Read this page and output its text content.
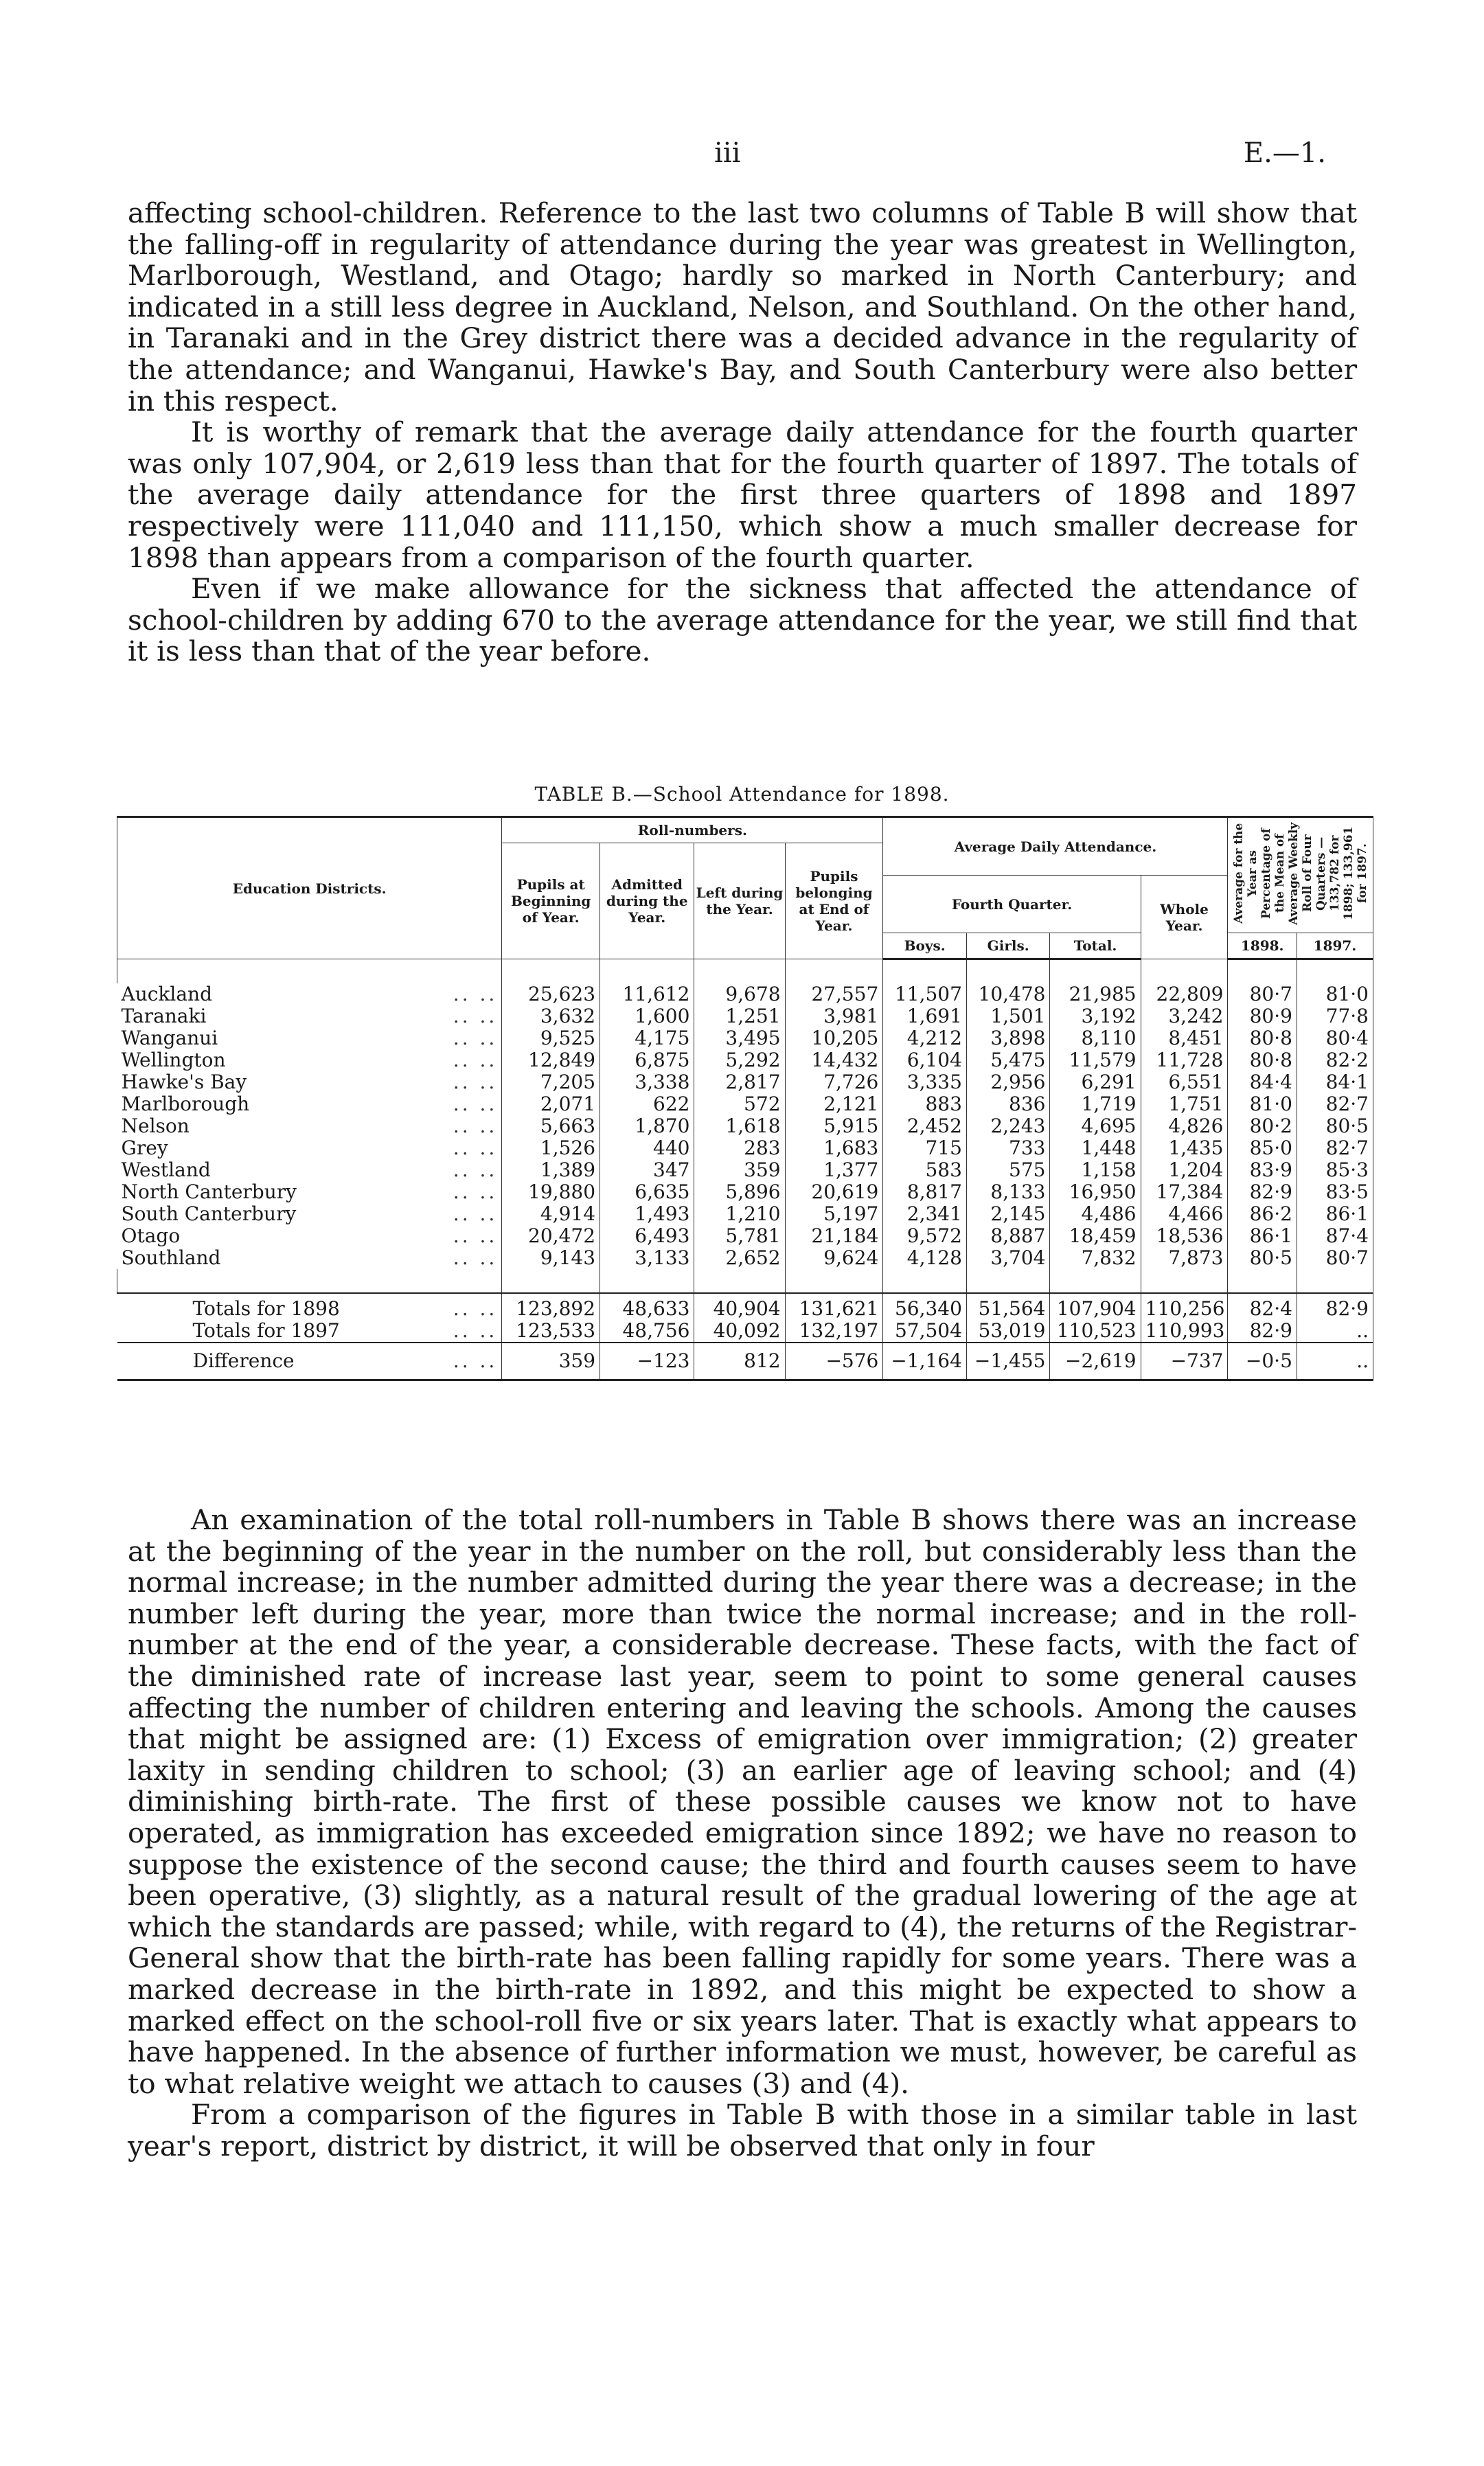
iii	E.—1.

affecting school-children. Reference to the last two columns of Table B will show that the falling-off in regularity of attendance during the year was greatest in Wellington, Marlborough, Westland, and Otago; hardly so marked in North Canterbury; and indicated in a still less degree in Auckland, Nelson, and Southland. On the other hand, in Taranaki and in the Grey district there was a decided advance in the regularity of the attendance; and Wanganui, Hawke's Bay, and South Canterbury were also better in this respect.

It is worthy of remark that the average daily attendance for the fourth quarter was only 107,904, or 2,619 less than that for the fourth quarter of 1897. The totals of the average daily attendance for the first three quarters of 1898 and 1897 respectively were 111,040 and 111,150, which show a much smaller decrease for 1898 than appears from a comparison of the fourth quarter.

Even if we make allowance for the sickness that affected the attendance of school-children by adding 670 to the average attendance for the year, we still find that it is less than that of the year before.

TABLE B.—School Attendance for 1898.
Education Districts.	Roll-numbers.				Average Daily Attendance.				Average for the Year as Percentage of the Mean of Average Weekly Roll of Four Quarters — 133,782 for 1898; 133,961 for 1897.	
	Pupils at Beginning of Year.	Admitted during the Year.	Left during the Year.	Pupils belonging at End of Year.						
					Fourth Quarter.			Whole Year.		
					Boys.	Girls.	Total.		1898.	1897.

Auckland .. ..	25,623	11,612	9,678	27,557	11,507	10,478	21,985	22,809	80·7	81·0
Taranaki .. ..	3,632	1,600	1,251	3,981	1,691	1,501	3,192	3,242	80·9	77·8
Wanganui .. ..	9,525	4,175	3,495	10,205	4,212	3,898	8,110	8,451	80·8	80·4
Wellington .. ..	12,849	6,875	5,292	14,432	6,104	5,475	11,579	11,728	80·8	82·2
Hawke's Bay .. ..	7,205	3,338	2,817	7,726	3,335	2,956	6,291	6,551	84·4	84·1
Marlborough .. ..	2,071	622	572	2,121	883	836	1,719	1,751	81·0	82·7
Nelson .. ..	5,663	1,870	1,618	5,915	2,452	2,243	4,695	4,826	80·2	80·5
Grey .. ..	1,526	440	283	1,683	715	733	1,448	1,435	85·0	82·7
Westland .. ..	1,389	347	359	1,377	583	575	1,158	1,204	83·9	85·3
North Canterbury .. ..	19,880	6,635	5,896	20,619	8,817	8,133	16,950	17,384	82·9	83·5
South Canterbury .. ..	4,914	1,493	1,210	5,197	2,341	2,145	4,486	4,466	86·2	86·1
Otago .. ..	20,472	6,493	5,781	21,184	9,572	8,887	18,459	18,536	86·1	87·4
Southland .. ..	9,143	3,133	2,652	9,624	4,128	3,704	7,832	7,873	80·5	80·7

Totals for 1898 .. ..	123,892	48,633	40,904	131,621	56,340	51,564	107,904	110,256	82·4	82·9
Totals for 1897 .. ..	123,533	48,756	40,092	132,197	57,504	53,019	110,523	110,993	82·9	..
Difference .. ..	359	−123	812	−576	−1,164	−1,455	−2,619	−737	−0·5	..

An examination of the total roll-numbers in Table B shows there was an increase at the beginning of the year in the number on the roll, but considerably less than the normal increase; in the number admitted during the year there was a decrease; in the number left during the year, more than twice the normal increase; and in the roll-number at the end of the year, a considerable decrease. These facts, with the fact of the diminished rate of increase last year, seem to point to some general causes affecting the number of children entering and leaving the schools. Among the causes that might be assigned are: (1) Excess of emigration over immigration; (2) greater laxity in sending children to school; (3) an earlier age of leaving school; and (4) diminishing birth-rate. The first of these possible causes we know not to have operated, as immigration has exceeded emigration since 1892; we have no reason to suppose the existence of the second cause; the third and fourth causes seem to have been operative, (3) slightly, as a natural result of the gradual lowering of the age at which the standards are passed; while, with regard to (4), the returns of the Registrar-General show that the birth-rate has been falling rapidly for some years. There was a marked decrease in the birth-rate in 1892, and this might be expected to show a marked effect on the school-roll five or six years later. That is exactly what appears to have happened. In the absence of further information we must, however, be careful as to what relative weight we attach to causes (3) and (4).

From a comparison of the figures in Table B with those in a similar table in last year's report, district by district, it will be observed that only in four
